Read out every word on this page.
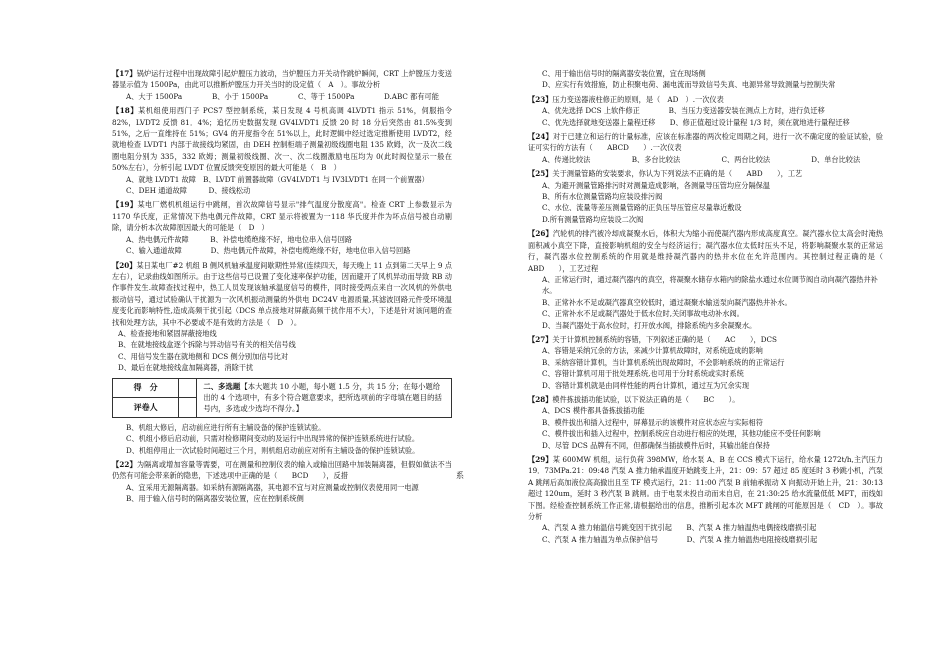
【17】锅炉运行过程中出现故障引起炉膛压力波动，当炉膛压力开关动作跳炉瞬间，CRT 上炉膛压力变送器显示值为 1500Pa，由此可以推断炉膛压力开关当时的设定值（　A　）。事故分析

A、大于 1500Pa	B、小于 1500Pa	C、等于 1500Pa	D.ABC 都有可能

【18】某机组使用西门子 PCS7 型控制系统，某日发现 4 号机高调 4LVDT1 指示 51%，伺服指令 82%，LVDT2 反馈 81．4%；追忆历史数据发现 GV4LVDT1 反馈 20 时 18 分后突然由 81.5%变到 51%，之后一直维持在 51%；GV4 的开度指令在 51%以上，此时逻辑中经过选定推断使用 LVDT2，经就地检查 LVDT1 内部于故接线均紧固，由 DEH 控制柜端子测量初级线圈电阻 135 欧姆，次一及次二线圈电阻分别为 335，332 欧姆；测量初级线圈、次一、次二线圈激励电压均为 0(此时阀位显示一般在 50%左右），分析引起 LVDT 位置反馈突变原因的最大可能是（　B　）

A、就地 LVDT1 故障　B、LVDT 前置器故障（GV4LVDT1 与 IV3LVDT1 在同一个前置器）
C、DEH 通道故障　　　D、接线松动

【19】某电厂燃机机组运行中跳闸，首次故障信号显示"排气温度分散度高"。检查 CRT 上参数显示为 1170 华氏度，正常情况下热电偶元件故障，CRT 显示将被置为一118 华氏度并作为坏点信号被自动剔除，请分析本次故障原因最大的可能是（　D　）

A、热电偶元件故障　　　B、补偿电缆绝缘不好，地电位串入信号回路
C、输入通道故障　　　　D、热电偶元件故障，补偿电缆绝缘不好，地电位串入信号回路

【20】某日某电厂#2 机组 B 侧风机轴承温度间歇期性异常(连续四天，每天晚上 11 点到第二天早上 9 点左右），记录曲线如图所示。由于这些信号已设置了变化速率保护功能，因而避开了风机异动而导致 RB 动作事件发生.故障查找过程中，热工人员发现该轴承温度信号的模件，同时接受两点来自一次风机的外供电振动信号，通过试验确认干扰源为一次风机振动测量的外供电 DC24V 电源质量,其滤波回路元件受环境温度变化而影响特性,造成高频干扰引起（DCS 单点接地对屏蔽高频干扰作用不大），下述是针对该问题的查找和处理方法，其中不必要或不是有效的方法是（　D　）。

A、检查接地和紧固屏蔽接地线
B、在就地接线盒逐个拆除与异动信号有关的相关信号线
C、用信号发生器在就地侧和 DCS 侧分别加信号比对
D、最后在就地接线盒加隔离器，消除干扰
得　分	
评卷人	
二、多选题【本大题共 10 小题，每小题 1.5 分，共 15 分；在每小题给出的 4 个选项中，有多个符合题意要求，把所选项前的字母填在题目的括号内，多选或少选均不得分。】
B、机组大修后，启动前应进行所有主辅设备的保护连锁试验。
C、机组小修后启动前，只需对检修期间变动的及运行中出现异常的保护连锁系统进行试验。
D、机组停用止一次试验时间超过三个月，则机组启动前应对所有主辅设备的保护连锁试验。

【22】为隔离或增加容量等需要，可在测量和控制仪表的输入或输出回路中加装隔离器，但假如做法不当仍然有可能会带来新的隐患，下述选项中正确的是（　　BCD　　），反措

A、宜采用无源隔离器。如采纳有源隔离器，其电源不宜与对应测量或控制仪表使用同一电源
B、用于输入信号时的隔离器安装位置，应在控制系统侧
系
C、用于输出信号时的隔离器安装位置，宜在现场侧
D、应实行有效措施，防止积聚电荷、漏电流而导致信号失真、电源异常导致测量与控制失常

【23】压力变送器液柱修正的原则，是（　AD　）.一次仪表

A、优先选择 DCS 上软件修正　　　　B、当压力变送器安装在测点上方时，进行负迁移
C、优先选择就地变送器上量程迁移　　D、修正值超过设计量程 1/3 时，须在就地进行量程迁移

【24】对于已建立和运行的计量标准，应该在标准器的两次检定周期之间，进行一次不确定度的验证试验，验证可实行的方法有（　　ABCD　　）.一次仪表

A、传递比较法	B、多台比较法	C、两台比较法	D、单台比较法

【25】关于测量管路的安装要求，你认为下列说法不正确的是（　　ABD　　），工艺

A、为避开测量管路排污时对测量造成影响，各测量导压管均应分隔保温
B、所有水位测量管路均应装设排污阀
C、水位、流量等差压测量管路的正负压导压管应尽量靠近敷设
D.所有测量管路均应装设二次阀

【26】汽轮机的排汽被冷却成凝聚水后，体积大为缩小而使凝汽器内形成高度真空。凝汽器水位太高会时淹热面积减小真空下降，直接影响机组的安全与经济运行；凝汽器水位太低时压头不足，将影响凝聚水泵的正常运行，凝汽器水位控制系统的作用就是维持凝汽器内的热井水位在允许范围内。其控制过程正确的是（　　ABD　　），工艺过程

A、正常运行时，通过凝汽器内的真空，将凝聚水储存水箱内的除盐水通过水位调节阀自动向凝汽器热井补水。
B、正常补水不足或凝汽器真空较低时，通过凝聚水输送泵向凝汽器热井补水。
C、正常补水不足或凝汽器处于低水位时,关闭事故电动补水阀。
D、当凝汽器处于高水位时，打开放水阀，排除系统内多余凝聚水。

【27】关于计算机控制系统的容错，下列叙述正确的是（　　AC　　），DCS

A、容错是采纳冗余的方法，来减少计算机故障时，对系统造成的影响
B、采纳容错计算机，当计算机系统出现故障时，不会影响系统的的正常运行
C、容错计算机可用于批处理系统,也可用于分时系统或实时系统
D、容错计算机就是由同样性能的两台计算机，通过互为冗余实现

【28】模件拣拔插功能试验，以下说法正确的是（　　BC　　）。

A、DCS 模件都具备拣拔插功能
B、模件拔出和插入过程中，屏幕显示的该模件对应状态应与实际相符
C、模件拔出和插入过程中，控制系统应自动进行相应的处理，其他功能应不受任何影响
D、尽管 DCS 品牌有不同，但都确保当插拔模件后时，其输出能自保持

【29】某 600MW 机组，运行负荷 398MW，给水泵 A、B 在 CCS 模式下运行，给水量 1272t/h,主汽压力 19．73MPa.21：09:48 汽泵 A 推力轴承温度开始跳变上升，21：09：57 超过 85 度延时 3 秒跳小机，汽泵 A 跳闸后高加液位高高撤出且至 TF 模式运行，21：11:00 汽泵 B 前轴承振动 X 向振动开始上升，21：30:13 超过 120um，延时 3 秒汽泵 B 跳闸。由于电泵未投自动而未自启，在 21:30:25 给水流量低低 MFT，而线如下图。经检查控制系统工作正常,请根据给出的信息，推断引起本次 MFT 跳闸的可能原因是（　CD　）。事故分析

A、汽泵 A 推力轴温信号跳变因干扰引起　　B、汽泵 A 推力轴温热电偶接线磨损引起
C、汽泵 A 推力轴温为单点保护信号　　　　D、汽泵 A 推力轴温热电阻接线磨损引起
